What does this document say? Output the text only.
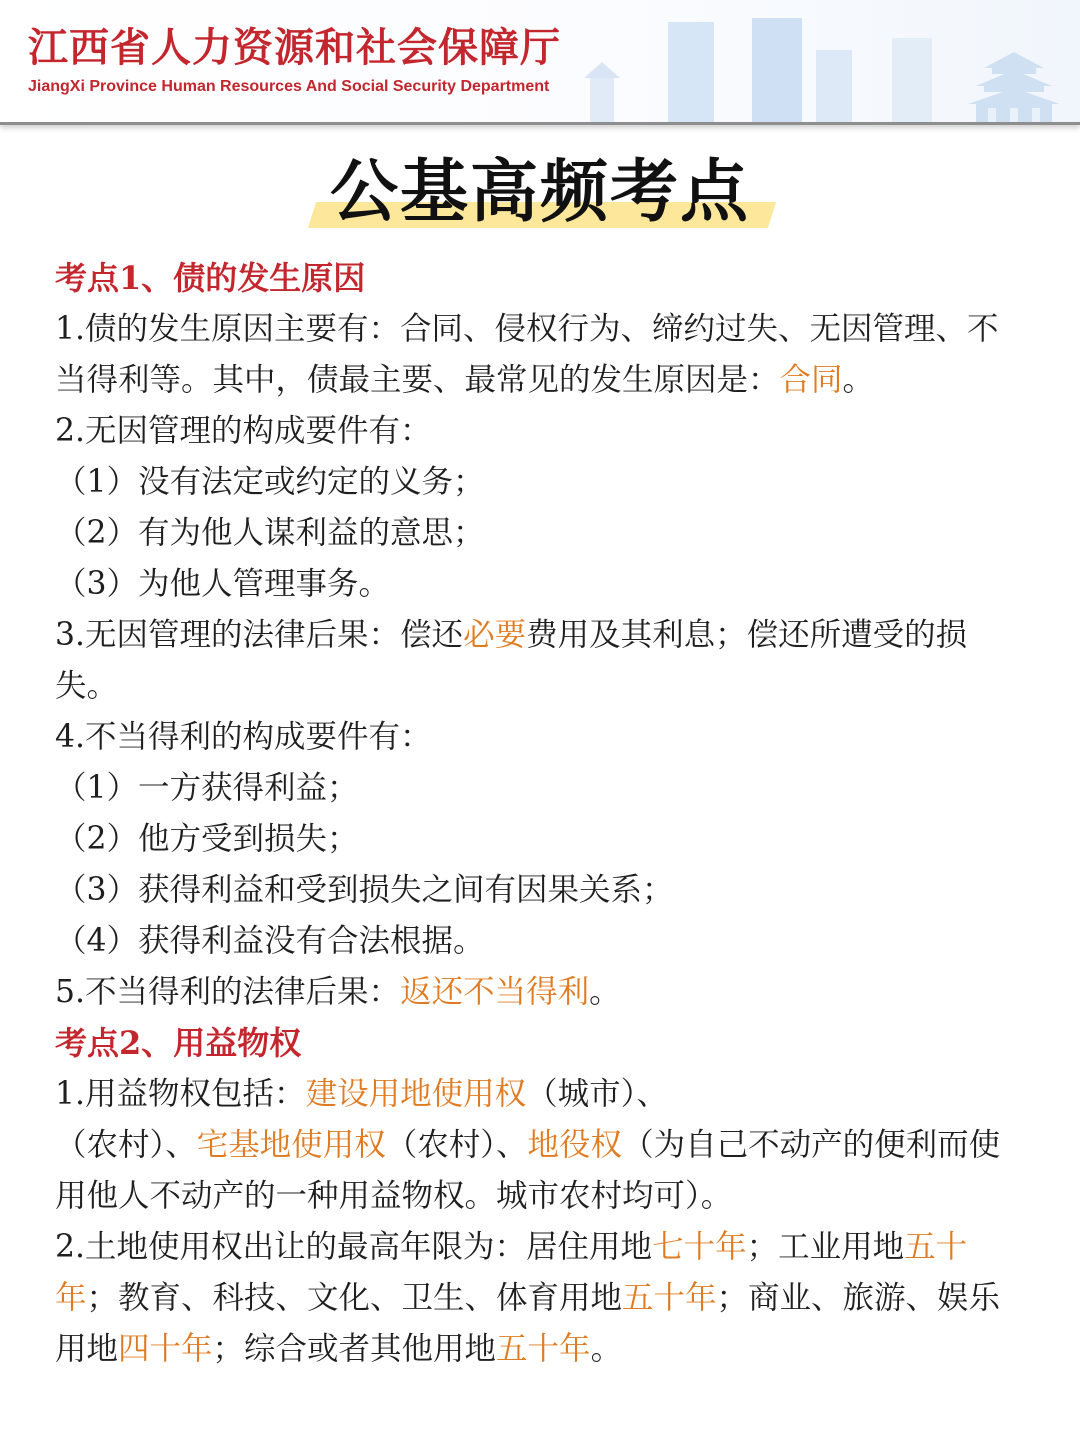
江西省人力资源和社会保障厅
JiangXi Province Human Resources And Social Security Department
公基高频考点

考点1、债的发生原因

1.债的发生原因主要有：合同、侵权行为、缔约过失、无因管理、不当得利等。其中，债最主要、最常见的发生原因是：合同。

2.无因管理的构成要件有：

（1）没有法定或约定的义务；

（2）有为他人谋利益的意思；

（3）为他人管理事务。

3.无因管理的法律后果：偿还必要费用及其利息；偿还所遭受的损失。

4.不当得利的构成要件有：

（1）一方获得利益；

（2）他方受到损失；

（3）获得利益和受到损失之间有因果关系；

（4）获得利益没有合法根据。

5.不当得利的法律后果：返还不当得利。

考点2、用益物权

1.用益物权包括：建设用地使用权（城市）、
（农村）、宅基地使用权（农村）、地役权（为自己不动产的便利而使用他人不动产的一种用益物权。城市农村均可）。

2.土地使用权出让的最高年限为：居住用地七十年；工业用地五十年；教育、科技、文化、卫生、体育用地五十年；商业、旅游、娱乐用地四十年；综合或者其他用地五十年。
